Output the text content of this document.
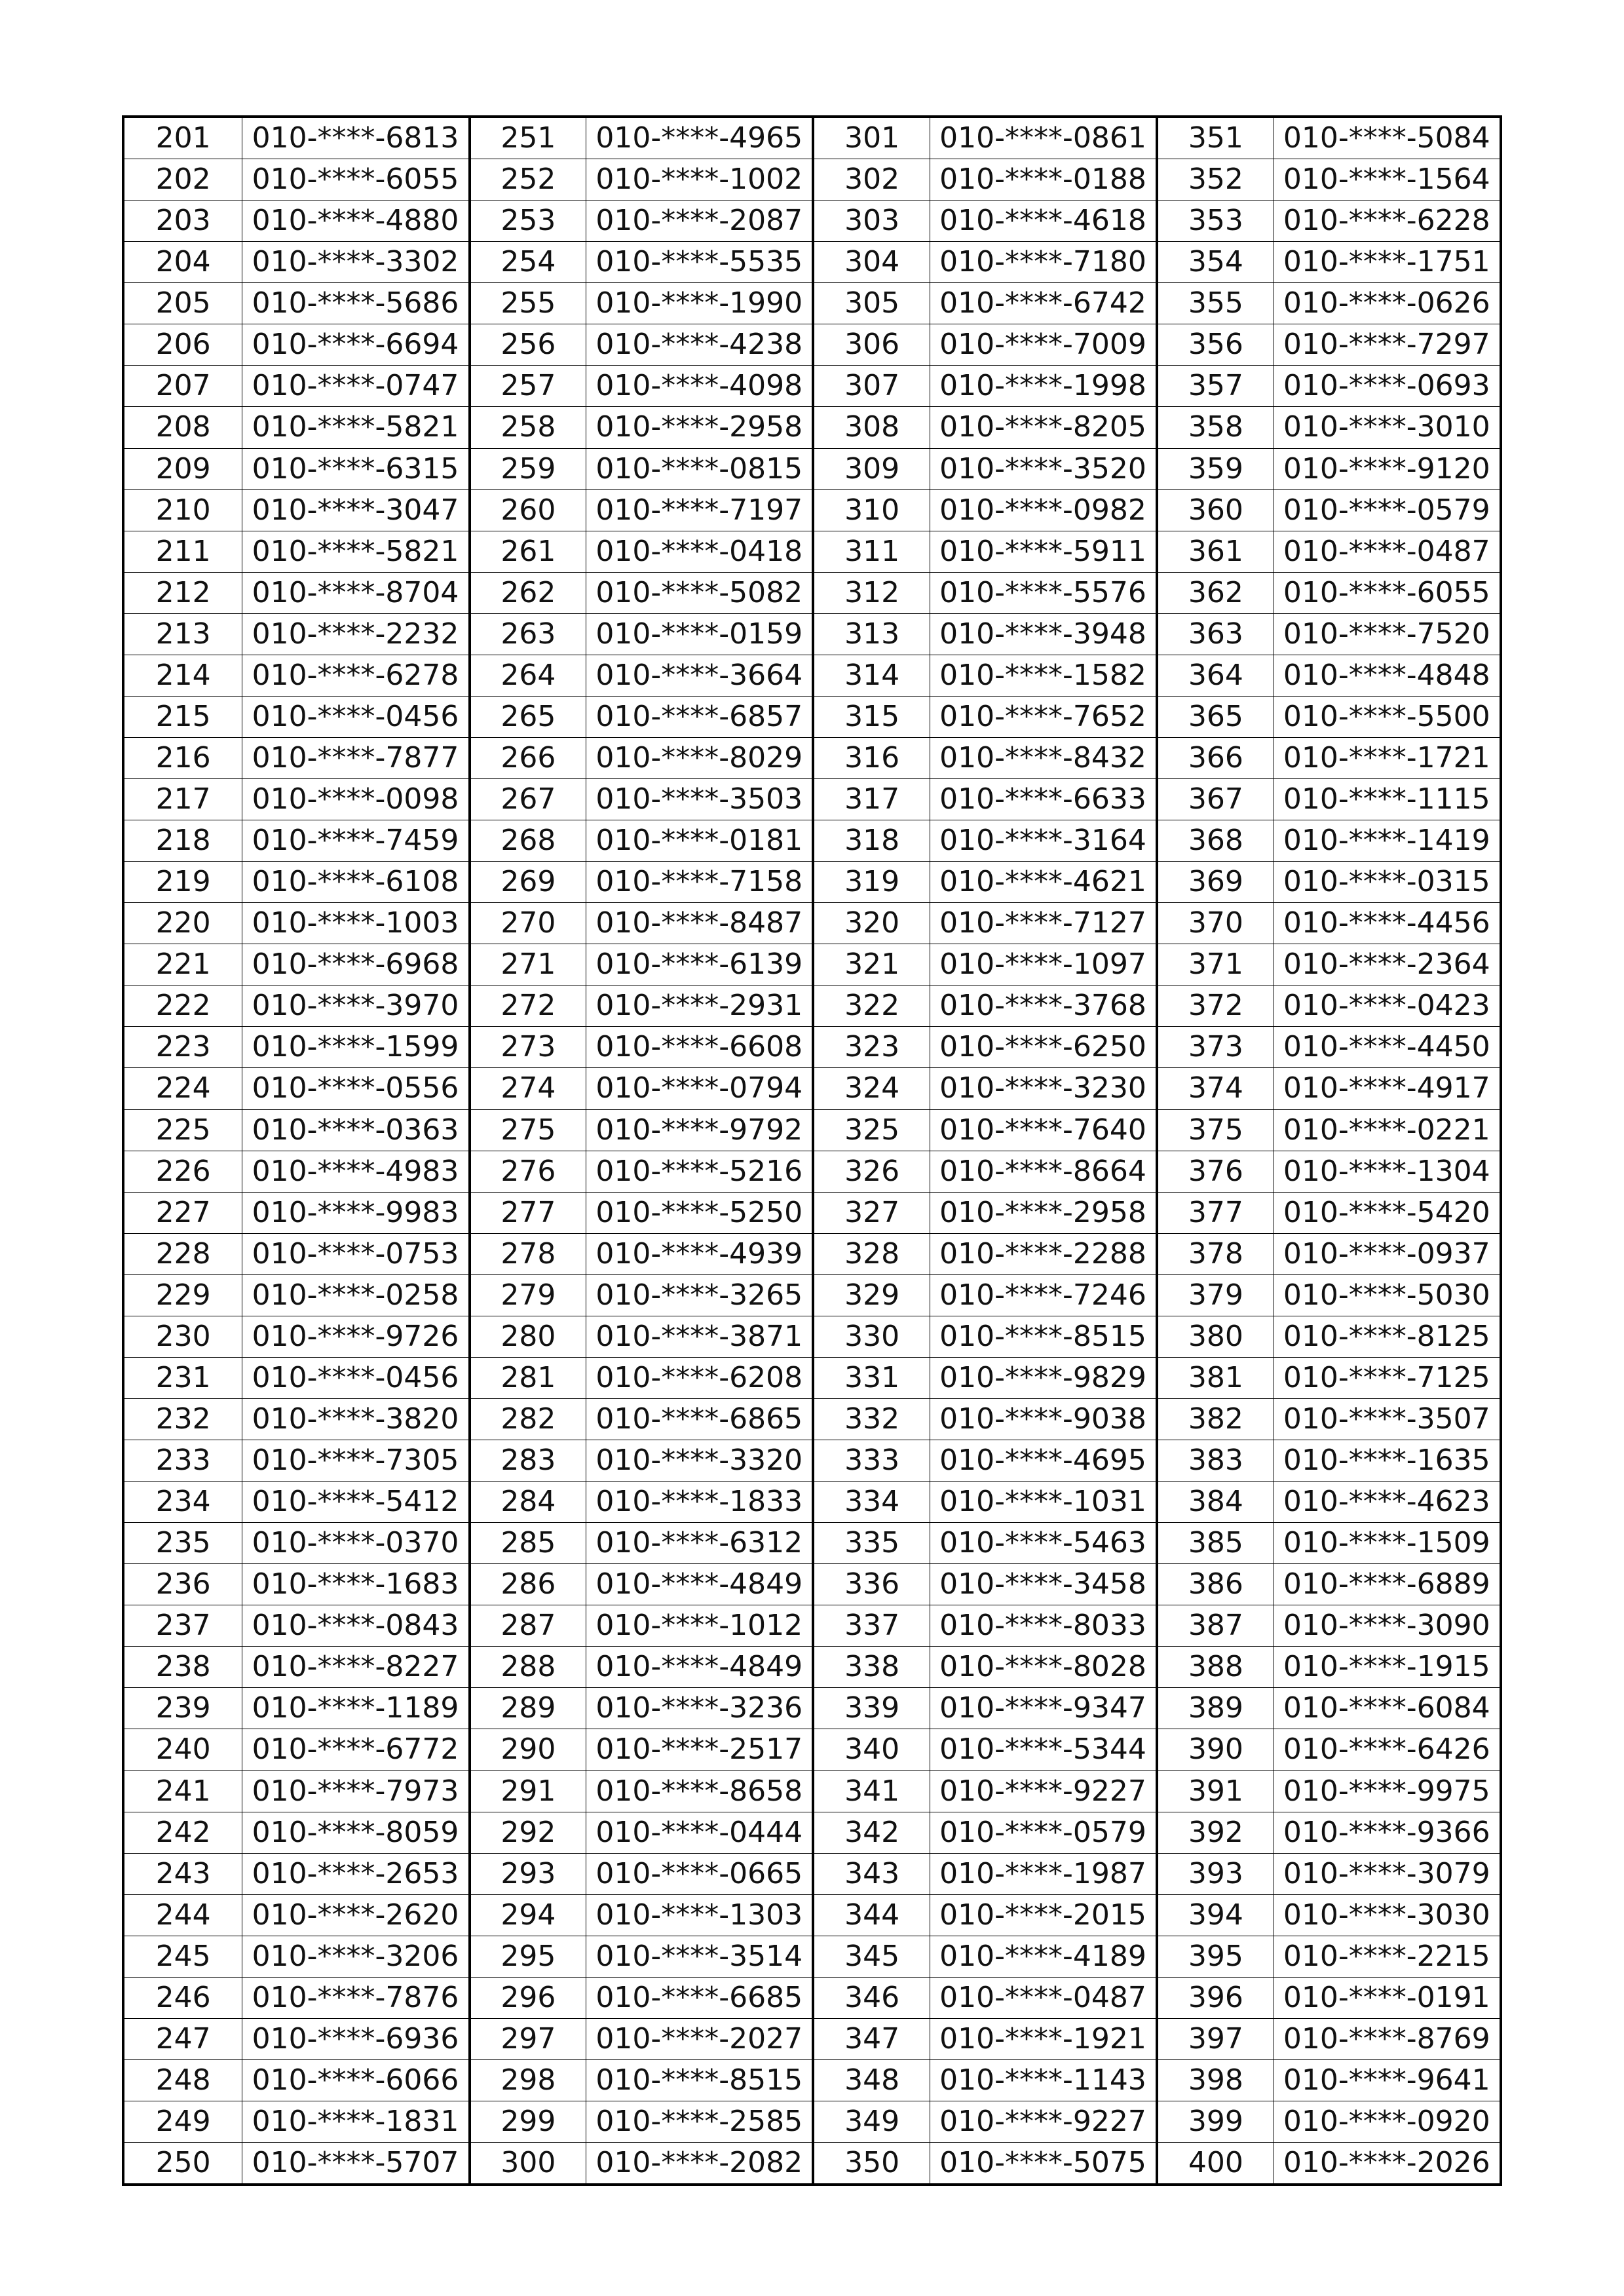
201	010-****-6813	251	010-****-4965	301	010-****-0861	351	010-****-5084
202	010-****-6055	252	010-****-1002	302	010-****-0188	352	010-****-1564
203	010-****-4880	253	010-****-2087	303	010-****-4618	353	010-****-6228
204	010-****-3302	254	010-****-5535	304	010-****-7180	354	010-****-1751
205	010-****-5686	255	010-****-1990	305	010-****-6742	355	010-****-0626
206	010-****-6694	256	010-****-4238	306	010-****-7009	356	010-****-7297
207	010-****-0747	257	010-****-4098	307	010-****-1998	357	010-****-0693
208	010-****-5821	258	010-****-2958	308	010-****-8205	358	010-****-3010
209	010-****-6315	259	010-****-0815	309	010-****-3520	359	010-****-9120
210	010-****-3047	260	010-****-7197	310	010-****-0982	360	010-****-0579
211	010-****-5821	261	010-****-0418	311	010-****-5911	361	010-****-0487
212	010-****-8704	262	010-****-5082	312	010-****-5576	362	010-****-6055
213	010-****-2232	263	010-****-0159	313	010-****-3948	363	010-****-7520
214	010-****-6278	264	010-****-3664	314	010-****-1582	364	010-****-4848
215	010-****-0456	265	010-****-6857	315	010-****-7652	365	010-****-5500
216	010-****-7877	266	010-****-8029	316	010-****-8432	366	010-****-1721
217	010-****-0098	267	010-****-3503	317	010-****-6633	367	010-****-1115
218	010-****-7459	268	010-****-0181	318	010-****-3164	368	010-****-1419
219	010-****-6108	269	010-****-7158	319	010-****-4621	369	010-****-0315
220	010-****-1003	270	010-****-8487	320	010-****-7127	370	010-****-4456
221	010-****-6968	271	010-****-6139	321	010-****-1097	371	010-****-2364
222	010-****-3970	272	010-****-2931	322	010-****-3768	372	010-****-0423
223	010-****-1599	273	010-****-6608	323	010-****-6250	373	010-****-4450
224	010-****-0556	274	010-****-0794	324	010-****-3230	374	010-****-4917
225	010-****-0363	275	010-****-9792	325	010-****-7640	375	010-****-0221
226	010-****-4983	276	010-****-5216	326	010-****-8664	376	010-****-1304
227	010-****-9983	277	010-****-5250	327	010-****-2958	377	010-****-5420
228	010-****-0753	278	010-****-4939	328	010-****-2288	378	010-****-0937
229	010-****-0258	279	010-****-3265	329	010-****-7246	379	010-****-5030
230	010-****-9726	280	010-****-3871	330	010-****-8515	380	010-****-8125
231	010-****-0456	281	010-****-6208	331	010-****-9829	381	010-****-7125
232	010-****-3820	282	010-****-6865	332	010-****-9038	382	010-****-3507
233	010-****-7305	283	010-****-3320	333	010-****-4695	383	010-****-1635
234	010-****-5412	284	010-****-1833	334	010-****-1031	384	010-****-4623
235	010-****-0370	285	010-****-6312	335	010-****-5463	385	010-****-1509
236	010-****-1683	286	010-****-4849	336	010-****-3458	386	010-****-6889
237	010-****-0843	287	010-****-1012	337	010-****-8033	387	010-****-3090
238	010-****-8227	288	010-****-4849	338	010-****-8028	388	010-****-1915
239	010-****-1189	289	010-****-3236	339	010-****-9347	389	010-****-6084
240	010-****-6772	290	010-****-2517	340	010-****-5344	390	010-****-6426
241	010-****-7973	291	010-****-8658	341	010-****-9227	391	010-****-9975
242	010-****-8059	292	010-****-0444	342	010-****-0579	392	010-****-9366
243	010-****-2653	293	010-****-0665	343	010-****-1987	393	010-****-3079
244	010-****-2620	294	010-****-1303	344	010-****-2015	394	010-****-3030
245	010-****-3206	295	010-****-3514	345	010-****-4189	395	010-****-2215
246	010-****-7876	296	010-****-6685	346	010-****-0487	396	010-****-0191
247	010-****-6936	297	010-****-2027	347	010-****-1921	397	010-****-8769
248	010-****-6066	298	010-****-8515	348	010-****-1143	398	010-****-9641
249	010-****-1831	299	010-****-2585	349	010-****-9227	399	010-****-0920
250	010-****-5707	300	010-****-2082	350	010-****-5075	400	010-****-2026
